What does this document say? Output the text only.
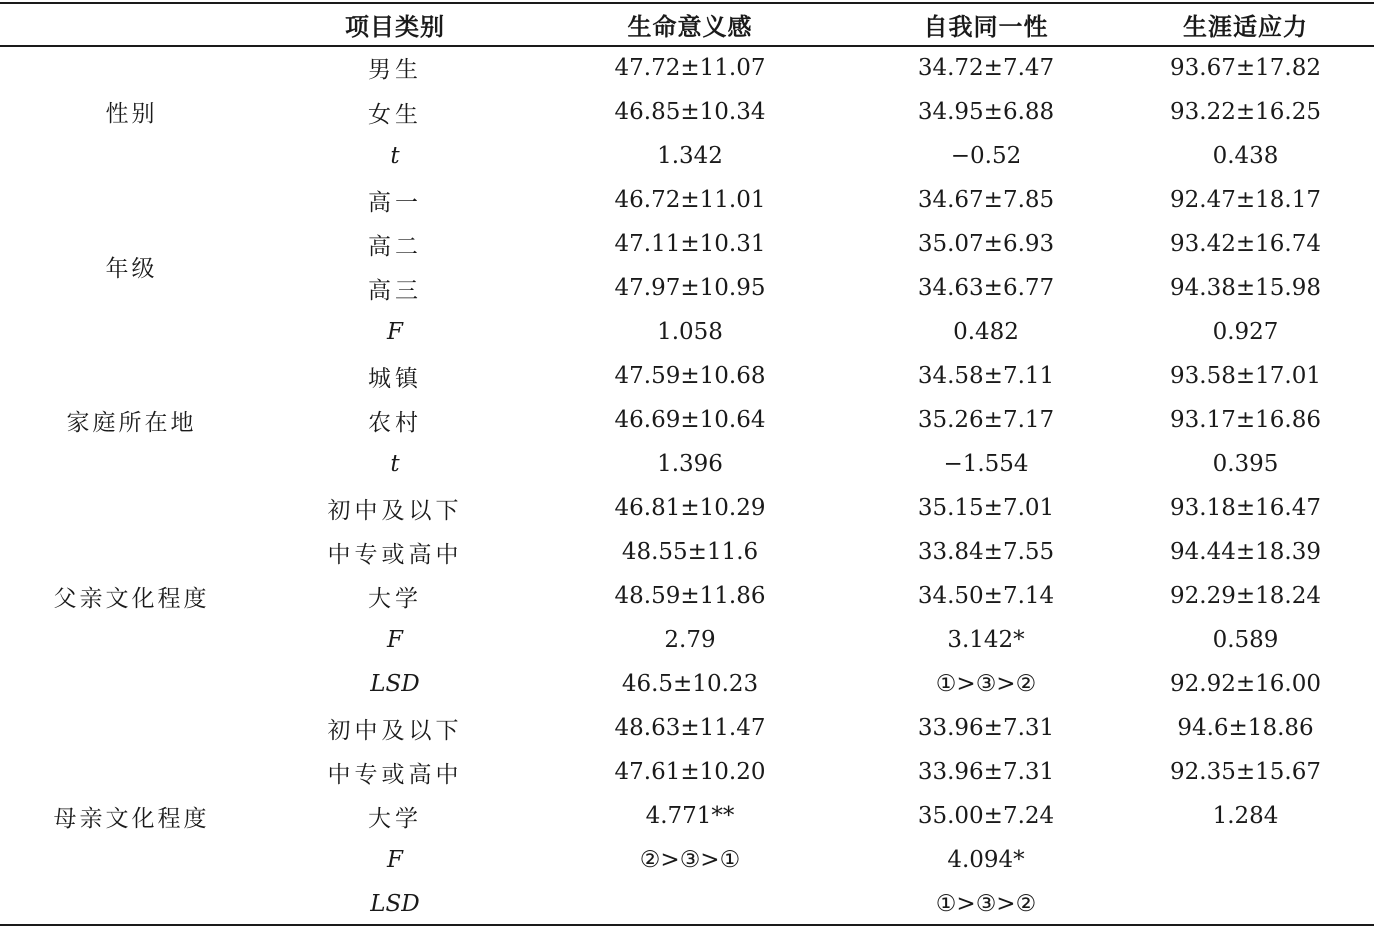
	项目类别	生命意义感	自我同一性	生涯适应力
性别	男生	47.72±11.07	34.72±7.47	93.67±17.82
	女生	46.85±10.34	34.95±6.88	93.22±16.25
	t	1.342	−0.52	0.438
年级	高一	46.72±11.01	34.67±7.85	92.47±18.17
	高二	47.11±10.31	35.07±6.93	93.42±16.74
	高三	47.97±10.95	34.63±6.77	94.38±15.98
	F	1.058	0.482	0.927
家庭所在地	城镇	47.59±10.68	34.58±7.11	93.58±17.01
	农村	46.69±10.64	35.26±7.17	93.17±16.86
	t	1.396	−1.554	0.395
父亲文化程度	初中及以下	46.81±10.29	35.15±7.01	93.18±16.47
	中专或高中	48.55±11.6	33.84±7.55	94.44±18.39
	大学	48.59±11.86	34.50±7.14	92.29±18.24
	F	2.79	3.142*	0.589
	LSD	46.5±10.23	①>③>②	92.92±16.00
母亲文化程度	初中及以下	48.63±11.47	33.96±7.31	94.6±18.86
	中专或高中	47.61±10.20	33.96±7.31	92.35±15.67
	大学	4.771**	35.00±7.24	1.284
	F	②>③>①	4.094*	
	LSD		①>③>②	
